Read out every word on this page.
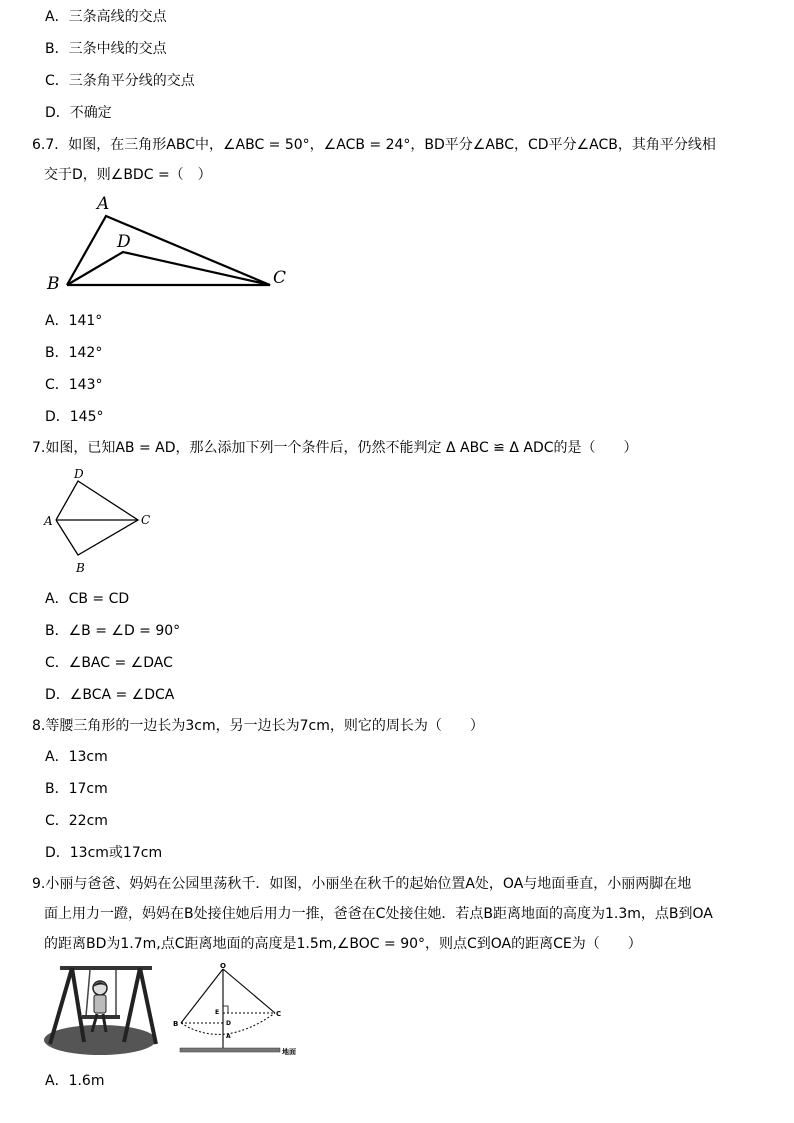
A．三条高线的交点
B．三条中线的交点
C．三条角平分线的交点
D．不确定
6.7．如图，在三角形ABC中，∠ABC = 50°，∠ACB = 24°，BD平分∠ABC，CD平分∠ACB，其角平分线相
交于D，则∠BDC =（　）
A
D
B	C
A．141°
B．142°
C．143°
D．145°
7.如图，已知AB = AD，那么添加下列一个条件后，仍然不能判定 Δ ABC ≌ Δ ADC的是（　　）
D
A	C
B
A．CB = CD
B．∠B = ∠D = 90°
C．∠BAC = ∠DAC
D．∠BCA = ∠DCA
8.等腰三角形的一边长为3cm，另一边长为7cm，则它的周长为（　　）
A．13cm
B．17cm
C．22cm
D．13cm或17cm
9.小丽与爸爸、妈妈在公园里荡秋千．如图，小丽坐在秋千的起始位置A处，OA与地面垂直，小丽两脚在地
面上用力一蹬，妈妈在B处接住她后用力一推，爸爸在C处接住她．若点B距离地面的高度为1.3m，点B到OA
的距离BD为1.7m,点C距离地面的高度是1.5m,∠BOC = 90°，则点C到OA的距离CE为（　　）
O
B
C
E
D
A
地面
A．1.6m
